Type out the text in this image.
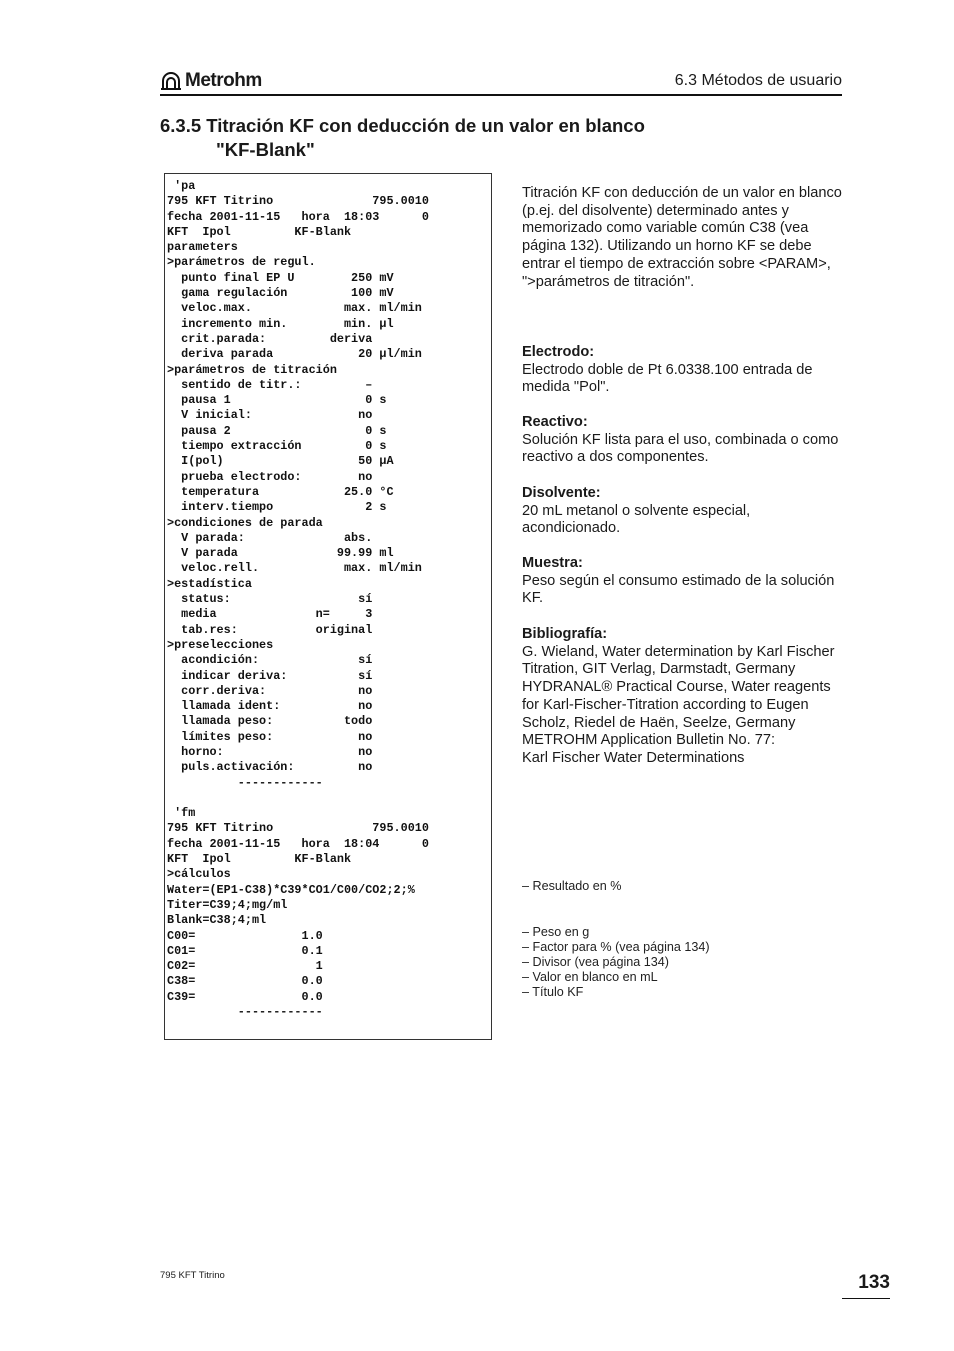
Metrohm	6.3 Métodos de usuario
6.3.5 Titración KF con deducción de un valor en blanco
"KF-Blank"
'pa
795 KFT Titrino              795.0010
fecha 2001-11-15   hora  18:03      0
KFT  Ipol         KF-Blank
parameters
>parámetros de regul.
punto final EP U        250 mV
gama regulación         100 mV
veloc.max.             max. ml/min
incremento min.        min. µl
crit.parada:         deriva
deriva parada            20 µl/min
>parámetros de titración
sentido de titr.:         –
pausa 1                   0 s
V inicial:               no
pausa 2                   0 s
tiempo extracción         0 s
I(pol)                   50 µA
prueba electrodo:        no
temperatura            25.0 °C
interv.tiempo             2 s
>condiciones de parada
V parada:              abs.
V parada              99.99 ml
veloc.rell.            max. ml/min
>estadística
status:                  sí
media              n=     3
tab.res:           original
>preselecciones
acondición:              sí
indicar deriva:          sí
corr.deriva:             no
llamada ident:           no
llamada peso:          todo
límites peso:            no
horno:                   no
puls.activación:         no
------------

'fm
795 KFT Titrino              795.0010
fecha 2001-11-15   hora  18:04      0
KFT  Ipol         KF-Blank
>cálculos
Water=(EP1-C38)*C39*CO1/C00/CO2;2;%
Titer=C39;4;mg/ml
Blank=C38;4;ml
C00=               1.0
C01=               0.1
C02=                 1
C38=               0.0
C39=               0.0
------------

Titración KF con deducción de un valor en blanco (p.ej. del disolvente) determinado antes y memorizado como variable común C38 (vea página 132). Utilizando un horno KF se debe entrar el tiempo de extracción sobre <PARAM>, ">parámetros de titración".

Electrodo:

Electrodo doble de Pt 6.0338.100 entrada de medida "Pol".

Reactivo:

Solución KF lista para el uso, combinada o como reactivo a dos componentes.

Disolvente:

20 mL metanol o solvente especial, acondicionado.

Muestra:

Peso según el consumo estimado de la solución KF.

Bibliografía:

G. Wieland, Water determination by Karl Fischer Titration, GIT Verlag, Darmstadt, Germany
HYDRANAL® Practical Course, Water reagents for Karl-Fischer-Titration according to Eugen Scholz, Riedel de Haën, Seelze, Germany
METROHM Application Bulletin No. 77:
Karl Fischer Water Determinations

– Resultado en %
– Peso en g
– Factor para % (vea página 134)
– Divisor (vea página 134)
– Valor en blanco en mL
– Título KF
795 KFT Titrino	133
